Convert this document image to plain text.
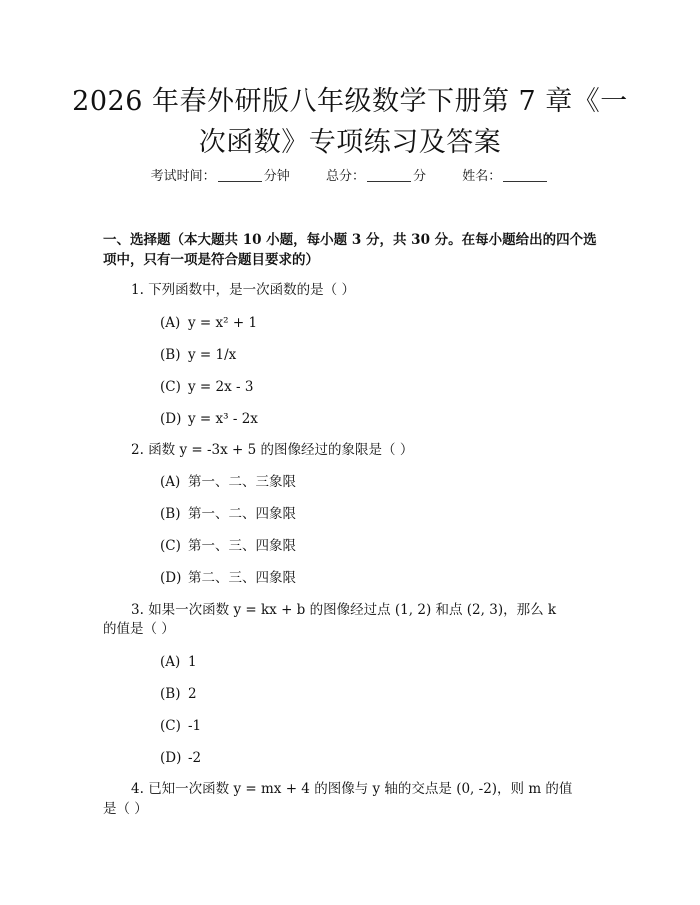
2026 年春外研版八年级数学下册第 7 章《一
次函数》专项练习及答案
考试时间：	分钟	总分：	分	姓名：
一、选择题（本大题共 10 小题，每小题 3 分，共 30 分。在每小题给出的四个选项中，只有一项是符合题目要求的）
1. 下列函数中，是一次函数的是（ ）
(A) y = x² + 1
(B) y = 1/x
(C) y = 2x - 3
(D) y = x³ - 2x
2. 函数 y = -3x + 5 的图像经过的象限是（ ）
(A) 第一、二、三象限
(B) 第一、二、四象限
(C) 第一、三、四象限
(D) 第二、三、四象限
3. 如果一次函数 y = kx + b 的图像经过点 (1, 2) 和点 (2, 3)，那么 k
的值是（ ）
(A) 1
(B) 2
(C) -1
(D) -2
4. 已知一次函数 y = mx + 4 的图像与 y 轴的交点是 (0, -2)，则 m 的值
是（ ）
